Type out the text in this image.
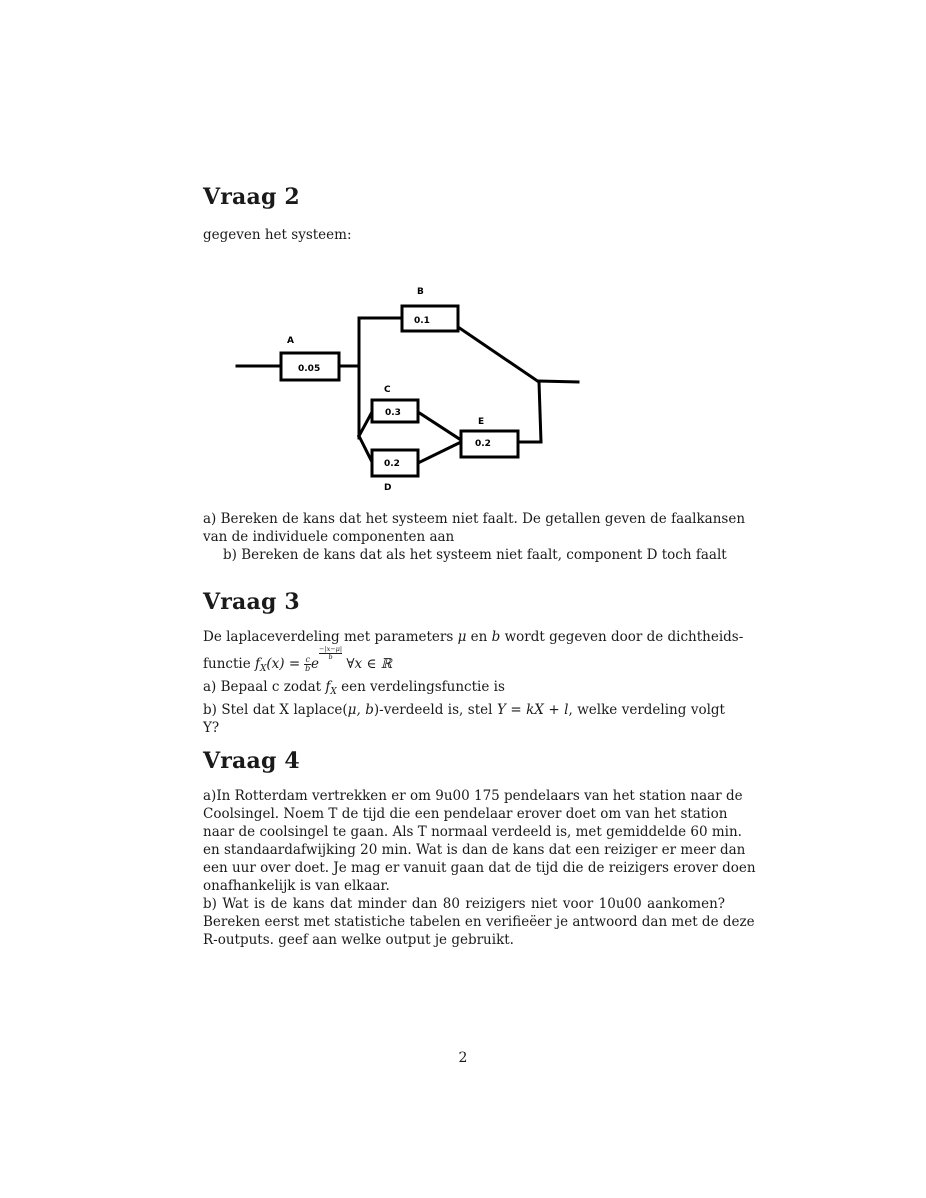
Vraag 2

gegeven het systeem:

A
0.05
B
0.1
C
0.3
D
0.2
E
0.2
a) Bereken de kans dat het systeem niet faalt. De getallen geven de faalkansen
van de individuele componenten aan
b) Bereken de kans dat als het systeem niet faalt, component D toch faalt
Vraag 3
De laplaceverdeling met parameters μ en b wordt gegeven door de dichtheids-
functie $f_X(x) = \frac{c}{b}$ e
$\frac{-|x-\mu|}{b}$
∀x ∈ ℝ
a) Bepaal c zodat $f_X$ een verdelingsfunctie is
b) Stel dat X laplace(μ, b)-verdeeld is, stel Y = kX + l, welke verdeling volgt
Y?
Vraag 4
a)In Rotterdam vertrekken er om 9u00 175 pendelaars van het station naar de
Coolsingel. Noem T de tijd die een pendelaar erover doet om van het station
naar de coolsingel te gaan. Als T normaal verdeeld is, met gemiddelde 60 min.
en standaardafwijking 20 min. Wat is dan de kans dat een reiziger er meer dan
een uur over doet. Je mag er vanuit gaan dat de tijd die de reizigers erover doen
onafhankelijk is van elkaar.
b) Wat is de kans dat minder dan 80 reizigers niet voor 10u00 aankomen?
Bereken eerst met statistiche tabelen en verifieëer je antwoord dan met de deze
R-outputs. geef aan welke output je gebruikt.

2
